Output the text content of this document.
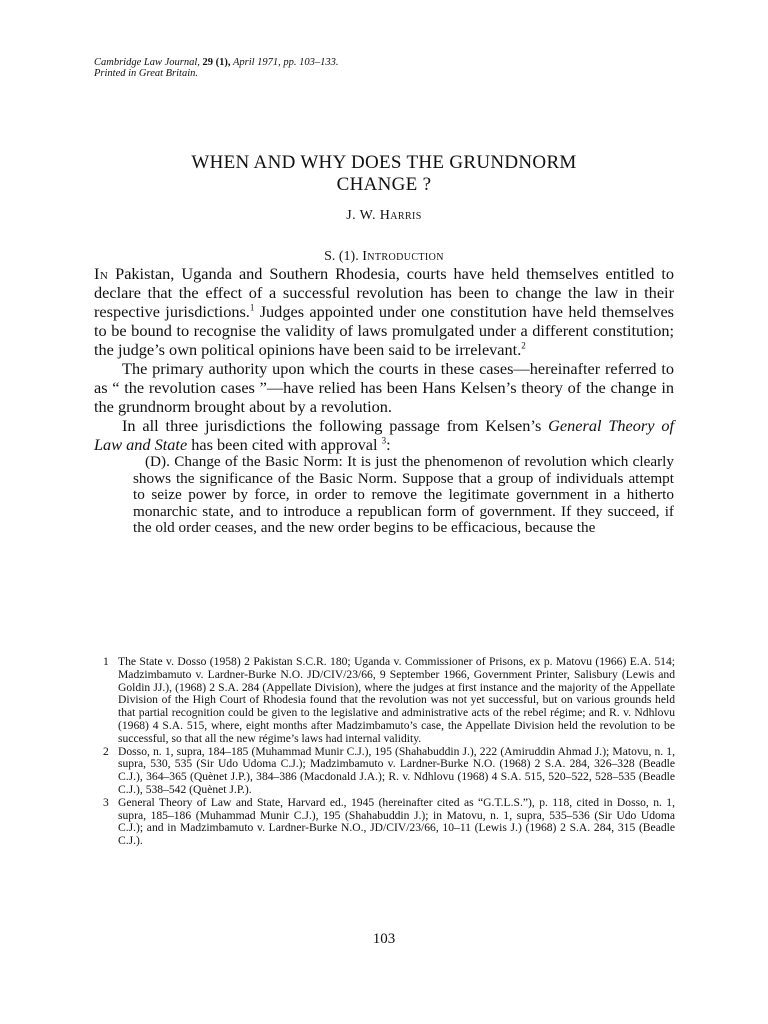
Cambridge Law Journal, 29 (1), April 1971, pp. 103–133.
Printed in Great Britain.
WHEN AND WHY DOES THE GRUNDNORM
CHANGE ?
J. W. Harris
S. (1). Introduction

In Pakistan, Uganda and Southern Rhodesia, courts have held themselves entitled to declare that the effect of a successful revolution has been to change the law in their respective jurisdictions.$^1$ Judges appointed under one constitution have held themselves to be bound to recognise the validity of laws promulgated under a different constitution; the judge’s own political opinions have been said to be irrelevant.$^2$

The primary authority upon which the courts in these cases—hereinafter referred to as “ the revolution cases ”—have relied has been Hans Kelsen’s theory of the change in the grundnorm brought about by a revolution.

In all three jurisdictions the following passage from Kelsen’s General Theory of Law and State has been cited with approval $^3$:

(D). Change of the Basic Norm: It is just the phenomenon of revolution which clearly shows the significance of the Basic Norm. Suppose that a group of individuals attempt to seize power by force, in order to remove the legitimate government in a hitherto monarchic state, and to introduce a republican form of government. If they succeed, if the old order ceases, and the new order begins to be efficacious, because the

1 The State v. Dosso (1958) 2 Pakistan S.C.R. 180; Uganda v. Commissioner of Prisons, ex p. Matovu (1966) E.A. 514; Madzimbamuto v. Lardner-Burke N.O. JD/CIV/23/66, 9 September 1966, Government Printer, Salisbury (Lewis and Goldin JJ.), (1968) 2 S.A. 284 (Appellate Division), where the judges at first instance and the majority of the Appellate Division of the High Court of Rhodesia found that the revolution was not yet successful, but on various grounds held that partial recognition could be given to the legislative and administrative acts of the rebel régime; and R. v. Ndhlovu (1968) 4 S.A. 515, where, eight months after Madzimbamuto’s case, the Appellate Division held the revolution to be successful, so that all the new régime’s laws had internal validity.
2 Dosso, n. 1, supra, 184–185 (Muhammad Munir C.J.), 195 (Shahabuddin J.), 222 (Amiruddin Ahmad J.); Matovu, n. 1, supra, 530, 535 (Sir Udo Udoma C.J.); Madzimbamuto v. Lardner-Burke N.O. (1968) 2 S.A. 284, 326–328 (Beadle C.J.), 364–365 (Quènet J.P.), 384–386 (Macdonald J.A.); R. v. Ndhlovu (1968) 4 S.A. 515, 520–522, 528–535 (Beadle C.J.), 538–542 (Quènet J.P.).
3 General Theory of Law and State, Harvard ed., 1945 (hereinafter cited as “G.T.L.S.”), p. 118, cited in Dosso, n. 1, supra, 185–186 (Muhammad Munir C.J.), 195 (Shahabuddin J.); in Matovu, n. 1, supra, 535–536 (Sir Udo Udoma C.J.); and in Madzimbamuto v. Lardner-Burke N.O., JD/CIV/23/66, 10–11 (Lewis J.) (1968) 2 S.A. 284, 315 (Beadle C.J.).
103
